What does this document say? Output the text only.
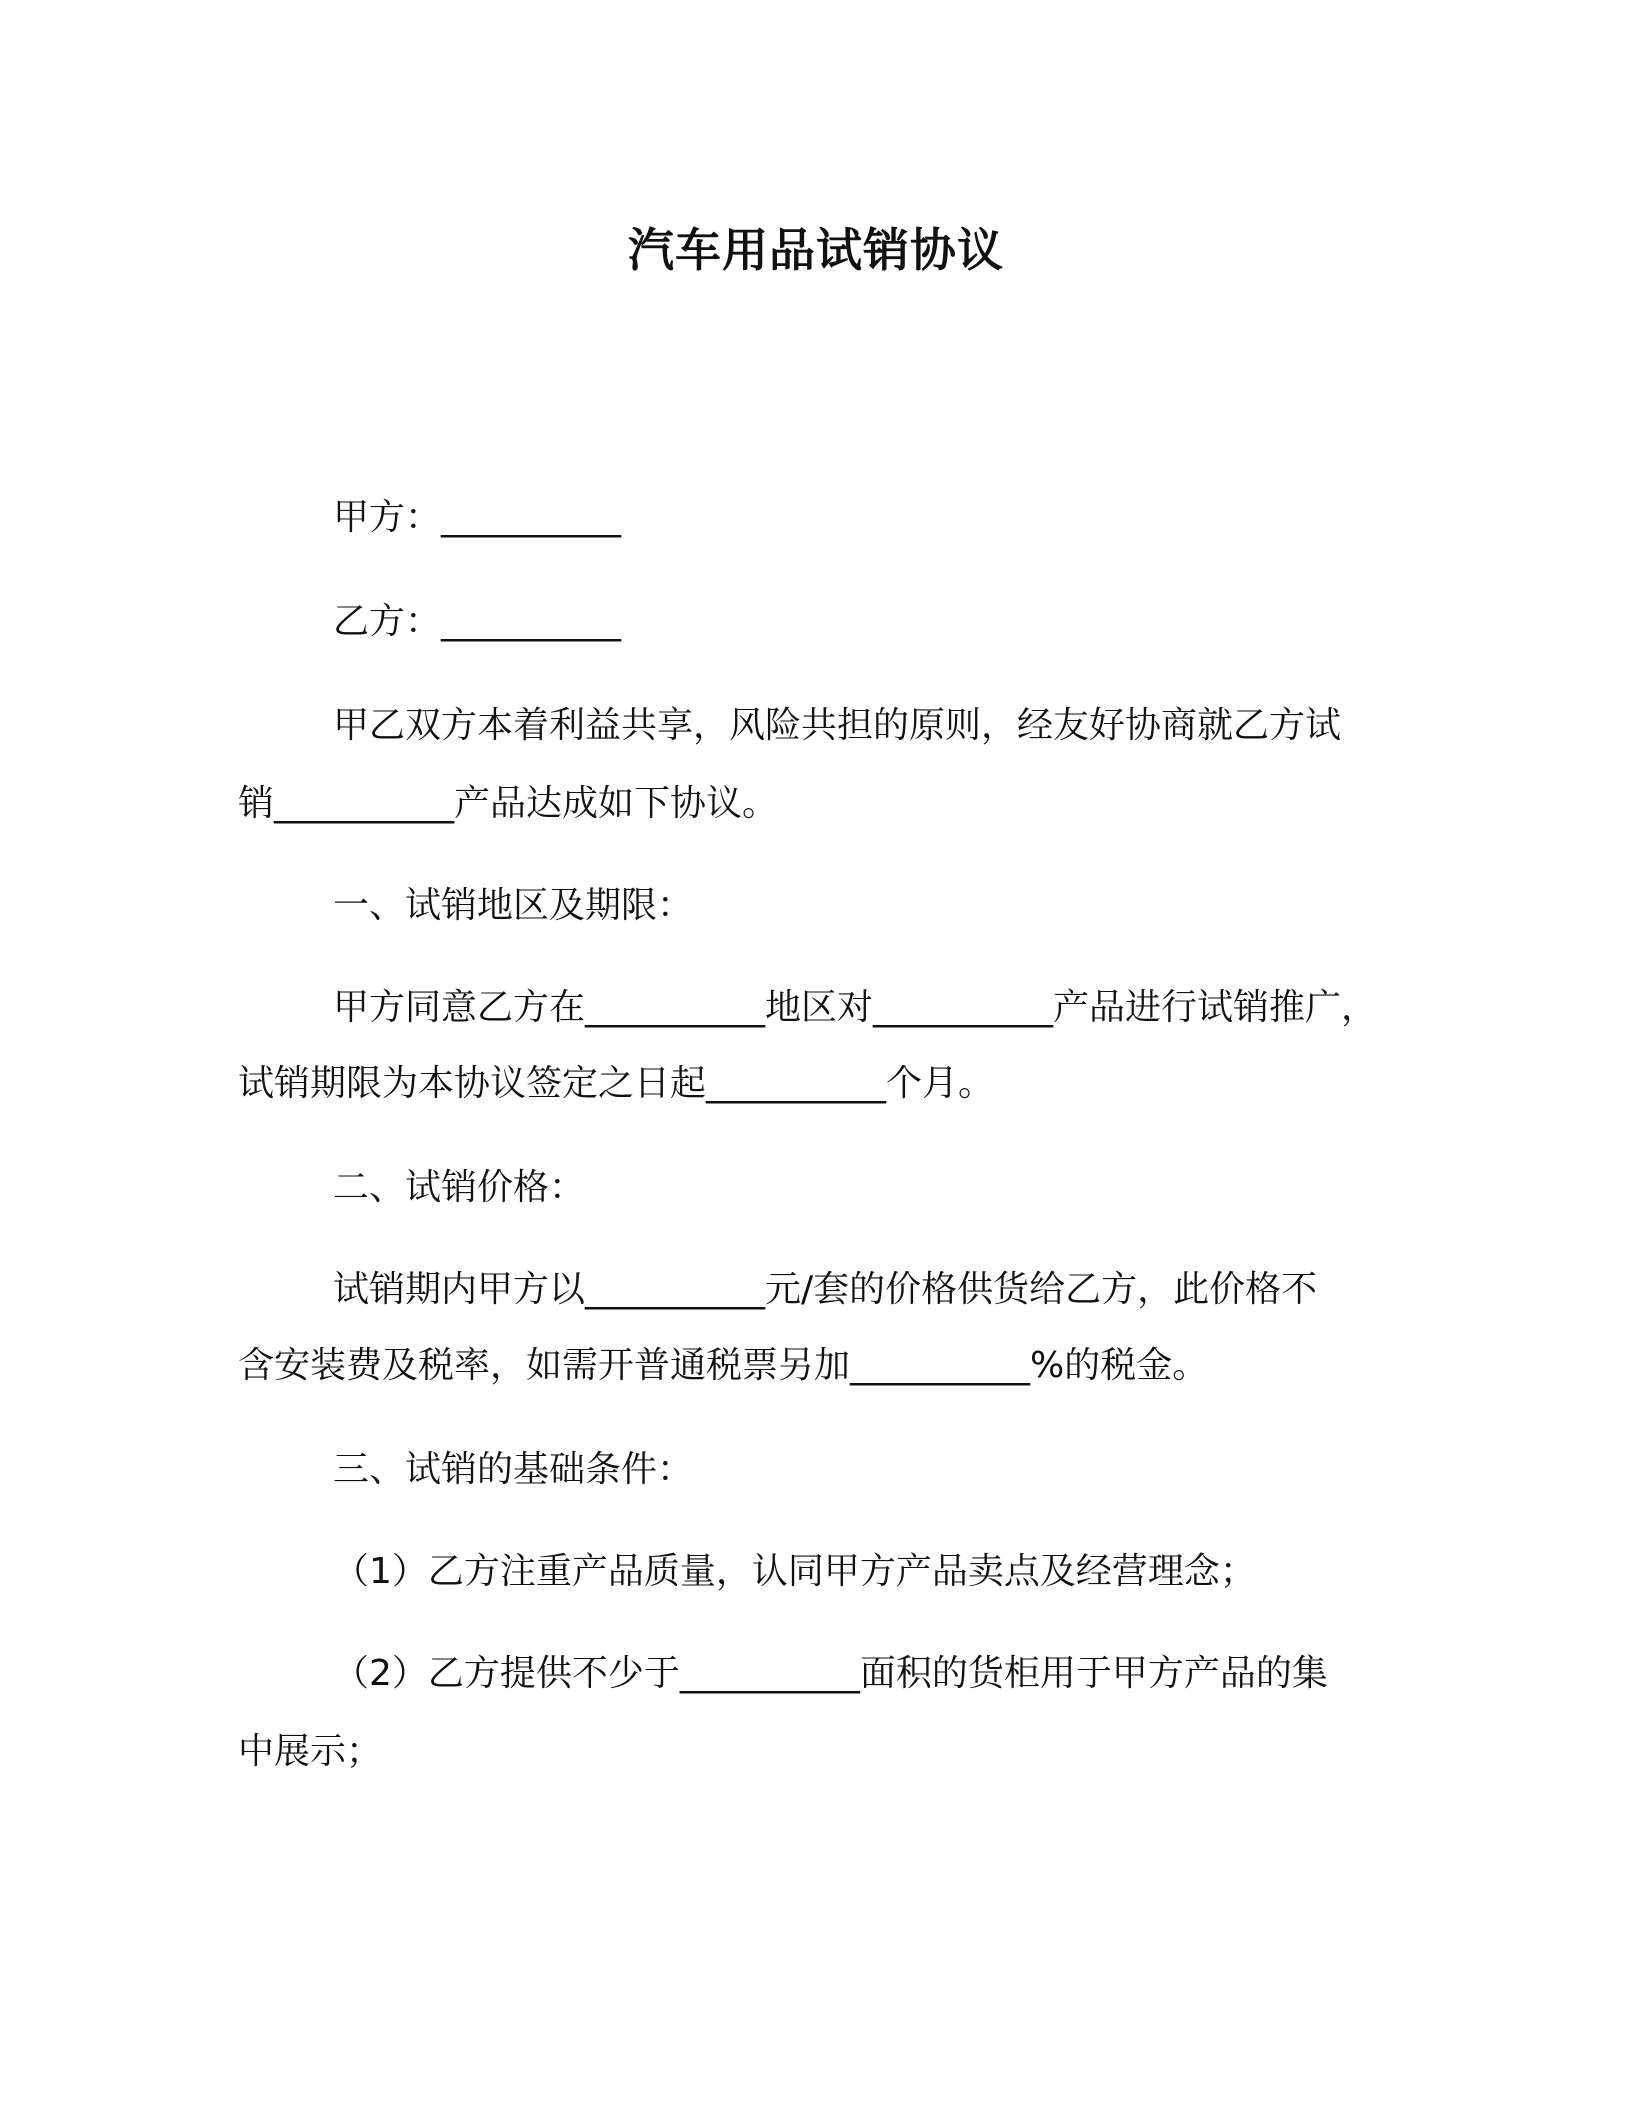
汽车用品试销协议
甲方：__________
乙方：__________
甲乙双方本着利益共享，风险共担的原则，经友好协商就乙方试
销__________产品达成如下协议。
一、试销地区及期限：
甲方同意乙方在__________地区对__________产品进行试销推广，
试销期限为本协议签定之日起__________个月。
二、试销价格：
试销期内甲方以__________元/套的价格供货给乙方，此价格不
含安装费及税率，如需开普通税票另加__________%的税金。
三、试销的基础条件：
（1）乙方注重产品质量，认同甲方产品卖点及经营理念；
（2）乙方提供不少于__________面积的货柜用于甲方产品的集
中展示；
